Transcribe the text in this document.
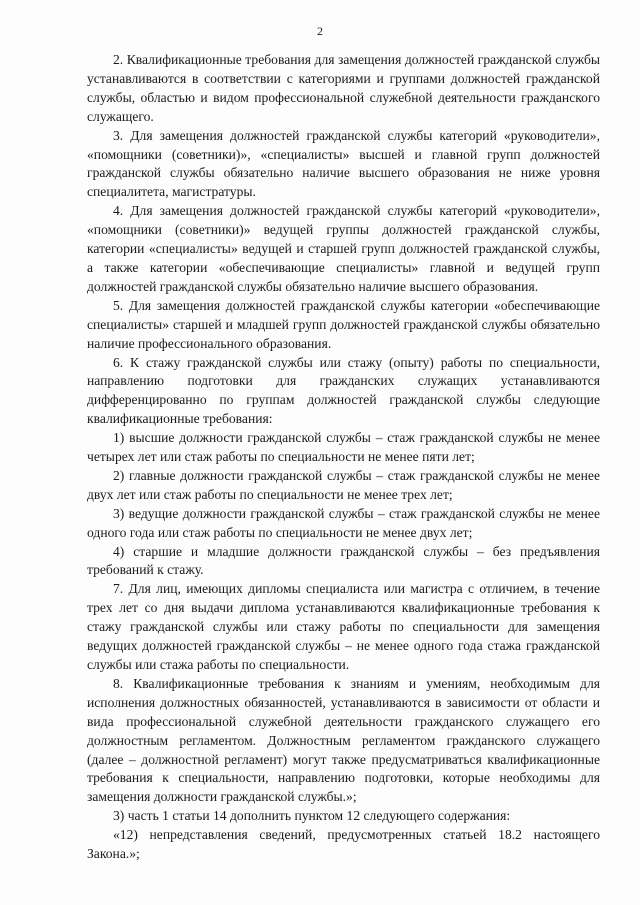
2

2. Квалификационные требования для замещения должностей гражданской службы устанавливаются в соответствии с категориями и группами должностей гражданской службы, областью и видом профессиональной служебной деятельности гражданского служащего.

3. Для замещения должностей гражданской службы категорий «руководители», «помощники (советники)», «специалисты» высшей и главной групп должностей гражданской службы обязательно наличие высшего образования не ниже уровня специалитета, магистратуры.

4. Для замещения должностей гражданской службы категорий «руководители», «помощники (советники)» ведущей группы должностей гражданской службы, категории «специалисты» ведущей и старшей групп должностей гражданской службы, а также категории «обеспечивающие специалисты» главной и ведущей групп должностей гражданской службы обязательно наличие высшего образования.

5. Для замещения должностей гражданской службы категории «обеспечивающие специалисты» старшей и младшей групп должностей гражданской службы обязательно наличие профессионального образования.

6. К стажу гражданской службы или стажу (опыту) работы по специальности, направлению подготовки для гражданских служащих устанавливаются дифференцированно по группам должностей гражданской службы следующие квалификационные требования:

1) высшие должности гражданской службы – стаж гражданской службы не менее четырех лет или стаж работы по специальности не менее пяти лет;

2) главные должности гражданской службы – стаж гражданской службы не менее двух лет или стаж работы по специальности не менее трех лет;

3) ведущие должности гражданской службы – стаж гражданской службы не менее одного года или стаж работы по специальности не менее двух лет;

4) старшие и младшие должности гражданской службы – без предъявления требований к стажу.

7. Для лиц, имеющих дипломы специалиста или магистра с отличием, в течение трех лет со дня выдачи диплома устанавливаются квалификационные требования к стажу гражданской службы или стажу работы по специальности для замещения ведущих должностей гражданской службы – не менее одного года стажа гражданской службы или стажа работы по специальности.

8. Квалификационные требования к знаниям и умениям, необходимым для исполнения должностных обязанностей, устанавливаются в зависимости от области и вида профессиональной служебной деятельности гражданского служащего его должностным регламентом. Должностным регламентом гражданского служащего (далее – должностной регламент) могут также предусматриваться квалификационные требования к специальности, направлению подготовки, которые необходимы для замещения должности гражданской службы.»;

3) часть 1 статьи 14 дополнить пунктом 12 следующего содержания:

«12) непредставления сведений, предусмотренных статьей 18.2 настоящего Закона.»;
